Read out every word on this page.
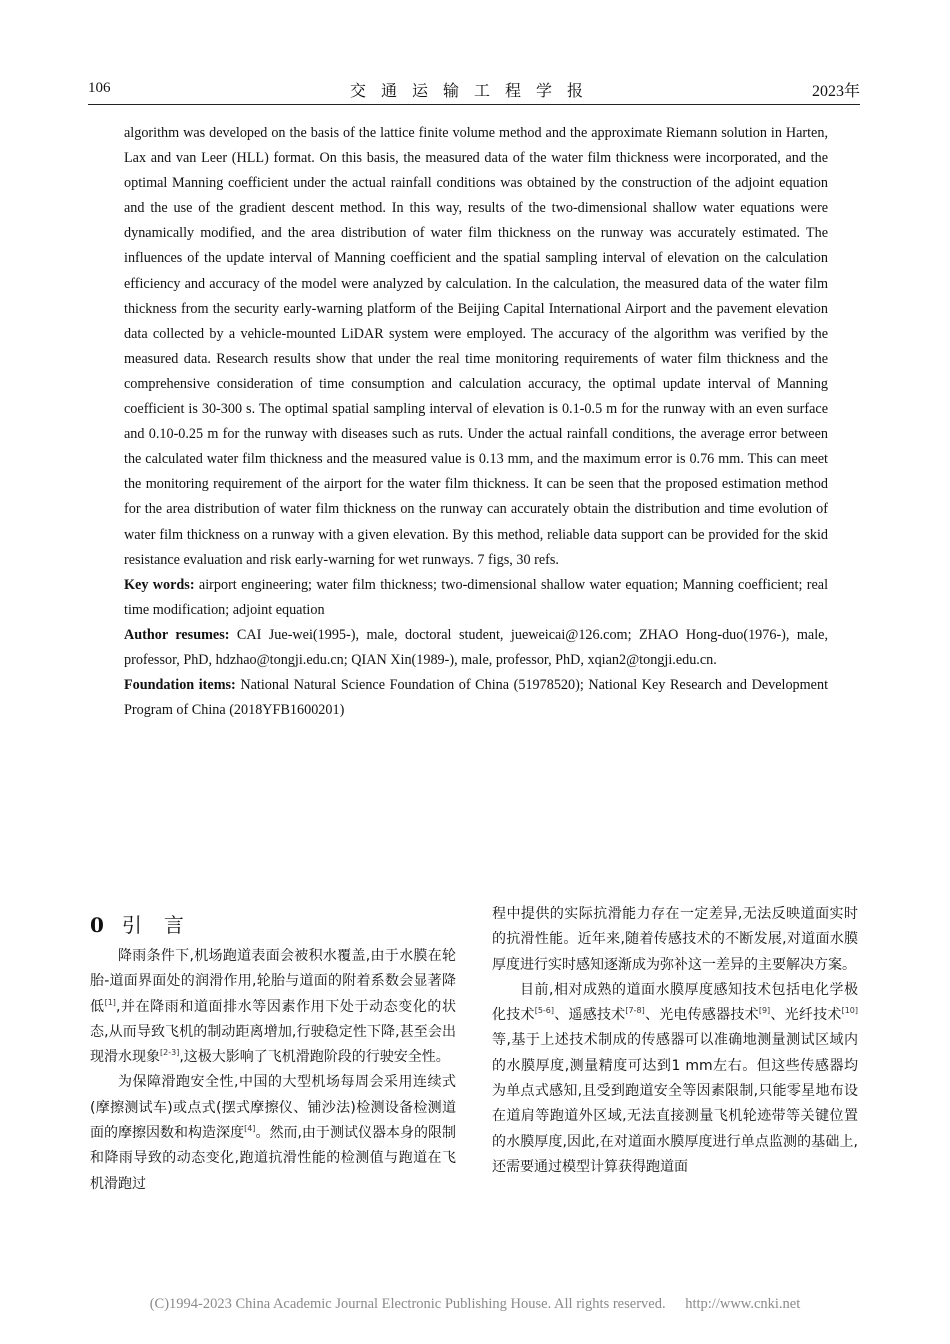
106	交通运输工程学报	2023年

algorithm was developed on the basis of the lattice finite volume method and the approximate Riemann solution in Harten, Lax and van Leer (HLL) format. On this basis, the measured data of the water film thickness were incorporated, and the optimal Manning coefficient under the actual rainfall conditions was obtained by the construction of the adjoint equation and the use of the gradient descent method. In this way, results of the two-dimensional shallow water equations were dynamically modified, and the area distribution of water film thickness on the runway was accurately estimated. The influences of the update interval of Manning coefficient and the spatial sampling interval of elevation on the calculation efficiency and accuracy of the model were analyzed by calculation. In the calculation, the measured data of the water film thickness from the security early-warning platform of the Beijing Capital International Airport and the pavement elevation data collected by a vehicle-mounted LiDAR system were employed. The accuracy of the algorithm was verified by the measured data. Research results show that under the real time monitoring requirements of water film thickness and the comprehensive consideration of time consumption and calculation accuracy, the optimal update interval of Manning coefficient is 30-300 s. The optimal spatial sampling interval of elevation is 0.1-0.5 m for the runway with an even surface and 0.10-0.25 m for the runway with diseases such as ruts. Under the actual rainfall conditions, the average error between the calculated water film thickness and the measured value is 0.13 mm, and the maximum error is 0.76 mm. This can meet the monitoring requirement of the airport for the water film thickness. It can be seen that the proposed estimation method for the area distribution of water film thickness on the runway can accurately obtain the distribution and time evolution of water film thickness on a runway with a given elevation. By this method, reliable data support can be provided for the skid resistance evaluation and risk early-warning for wet runways. 7 figs, 30 refs.

Key words: airport engineering; water film thickness; two-dimensional shallow water equation; Manning coefficient; real time modification; adjoint equation

Author resumes: CAI Jue-wei(1995-), male, doctoral student, jueweicai@126.com; ZHAO Hong-duo(1976-), male, professor, PhD, hdzhao@tongji.edu.cn; QIAN Xin(1989-), male, professor, PhD, xqian2@tongji.edu.cn.

Foundation items: National Natural Science Foundation of China (51978520); National Key Research and Development Program of China (2018YFB1600201)

0 引言

降雨条件下,机场跑道表面会被积水覆盖,由于水膜在轮胎-道面界面处的润滑作用,轮胎与道面的附着系数会显著降低[1],并在降雨和道面排水等因素作用下处于动态变化的状态,从而导致飞机的制动距离增加,行驶稳定性下降,甚至会出现滑水现象[2-3],这极大影响了飞机滑跑阶段的行驶安全性。

为保障滑跑安全性,中国的大型机场每周会采用连续式(摩擦测试车)或点式(摆式摩擦仪、铺沙法)检测设备检测道面的摩擦因数和构造深度[4]。然而,由于测试仪器本身的限制和降雨导致的动态变化,跑道抗滑性能的检测值与跑道在飞机滑跑过

程中提供的实际抗滑能力存在一定差异,无法反映道面实时的抗滑性能。近年来,随着传感技术的不断发展,对道面水膜厚度进行实时感知逐渐成为弥补这一差异的主要解决方案。

目前,相对成熟的道面水膜厚度感知技术包括电化学极化技术[5-6]、遥感技术[7-8]、光电传感器技术[9]、光纤技术[10]等,基于上述技术制成的传感器可以准确地测量测试区域内的水膜厚度,测量精度可达到1 mm左右。但这些传感器均为单点式感知,且受到跑道安全等因素限制,只能零星地布设在道肩等跑道外区域,无法直接测量飞机轮迹带等关键位置的水膜厚度,因此,在对道面水膜厚度进行单点监测的基础上,还需要通过模型计算获得跑道面

(C)1994-2023 China Academic Journal Electronic Publishing House. All rights reserved. http://www.cnki.net
